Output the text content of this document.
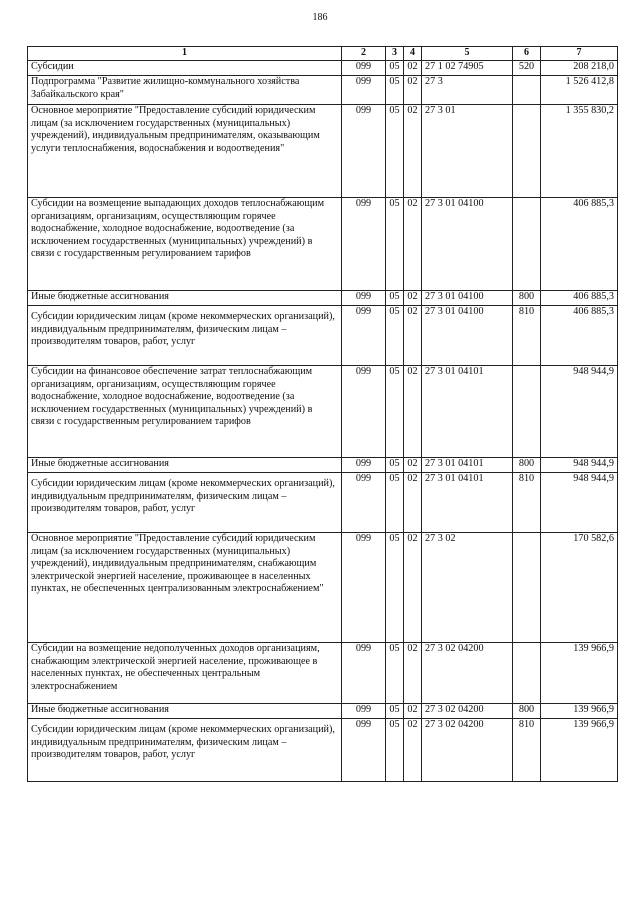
186
1	2	3	4	5	6	7
Субсидии	099	05	02	27 1 02 74905	520	208 218,0
Подпрограмма "Развитие жилищно-коммунального хозяйства Забайкальского края"	099	05	02	27 3		1 526 412,8
Основное мероприятие "Предоставление субсидий юридическим лицам (за исключением государственных (муниципальных) учреждений), индивидуальным предпринимателям, оказывающим услуги теплоснабжения, водоснабжения и водоотведения"	099	05	02	27 3 01		1 355 830,2
Субсидии на возмещение выпадающих доходов теплоснабжающим организациям, организациям, осуществляющим горячее водоснабжение, холодное водоснабжение, водоотведение (за исключением государственных (муниципальных) учреждений) в связи с государственным регулированием тарифов	099	05	02	27 3 01 04100		406 885,3
Иные бюджетные ассигнования	099	05	02	27 3 01 04100	800	406 885,3
Субсидии юридическим лицам (кроме некоммерческих организаций), индивидуальным предпринимателям, физическим лицам – производителям товаров, работ, услуг	099	05	02	27 3 01 04100	810	406 885,3
Субсидии на финансовое обеспечение затрат теплоснабжающим организациям, организациям, осуществляющим горячее водоснабжение, холодное водоснабжение, водоотведение (за исключением государственных (муниципальных) учреждений) в связи с государственным регулированием тарифов	099	05	02	27 3 01 04101		948 944,9
Иные бюджетные ассигнования	099	05	02	27 3 01 04101	800	948 944,9
Субсидии юридическим лицам (кроме некоммерческих организаций), индивидуальным предпринимателям, физическим лицам – производителям товаров, работ, услуг	099	05	02	27 3 01 04101	810	948 944,9
Основное мероприятие "Предоставление субсидий юридическим лицам (за исключением государственных (муниципальных) учреждений), индивидуальным предпринимателям, снабжающим электрической энергией население, проживающее в населенных пунктах, не обеспеченных централизованным электроснабжением"	099	05	02	27 3 02		170 582,6
Субсидии на возмещение недополученных доходов организациям, снабжающим электрической энергией население, проживающее в населенных пунктах, не обеспеченных центральным электроснабжением	099	05	02	27 3 02 04200		139 966,9
Иные бюджетные ассигнования	099	05	02	27 3 02 04200	800	139 966,9
Субсидии юридическим лицам (кроме некоммерческих организаций), индивидуальным предпринимателям, физическим лицам – производителям товаров, работ, услуг	099	05	02	27 3 02 04200	810	139 966,9
